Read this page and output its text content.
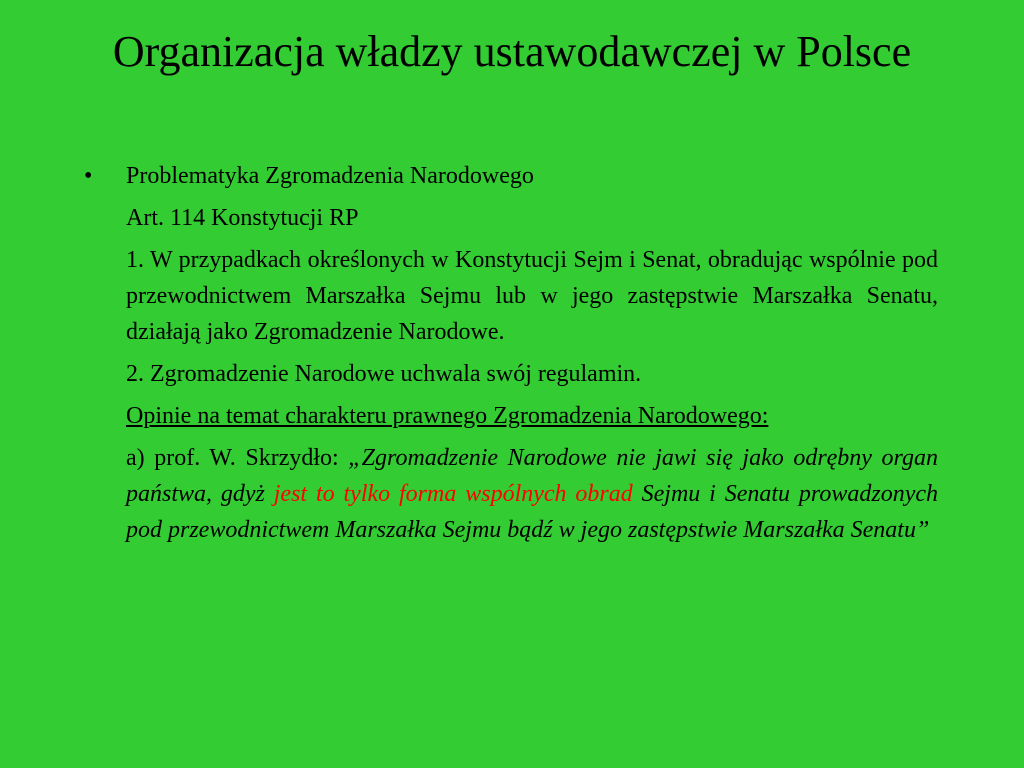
Organizacja władzy ustawodawczej w Polsce
•	Problematyka Zgromadzenia Narodowego
Art. 114 Konstytucji RP
1. W przypadkach określonych w Konstytucji Sejm i Senat, obradując wspólnie pod przewodnictwem Marszałka Sejmu lub w jego zastępstwie Marszałka Senatu, działają jako Zgromadzenie Narodowe.
2. Zgromadzenie Narodowe uchwala swój regulamin.
Opinie na temat charakteru prawnego Zgromadzenia Narodowego:
a) prof. W. Skrzydło: „Zgromadzenie Narodowe nie jawi się jako odrębny organ państwa, gdyż jest to tylko forma wspólnych obrad Sejmu i Senatu prowadzonych pod przewodnictwem Marszałka Sejmu bądź w jego zastępstwie Marszałka Senatu”
